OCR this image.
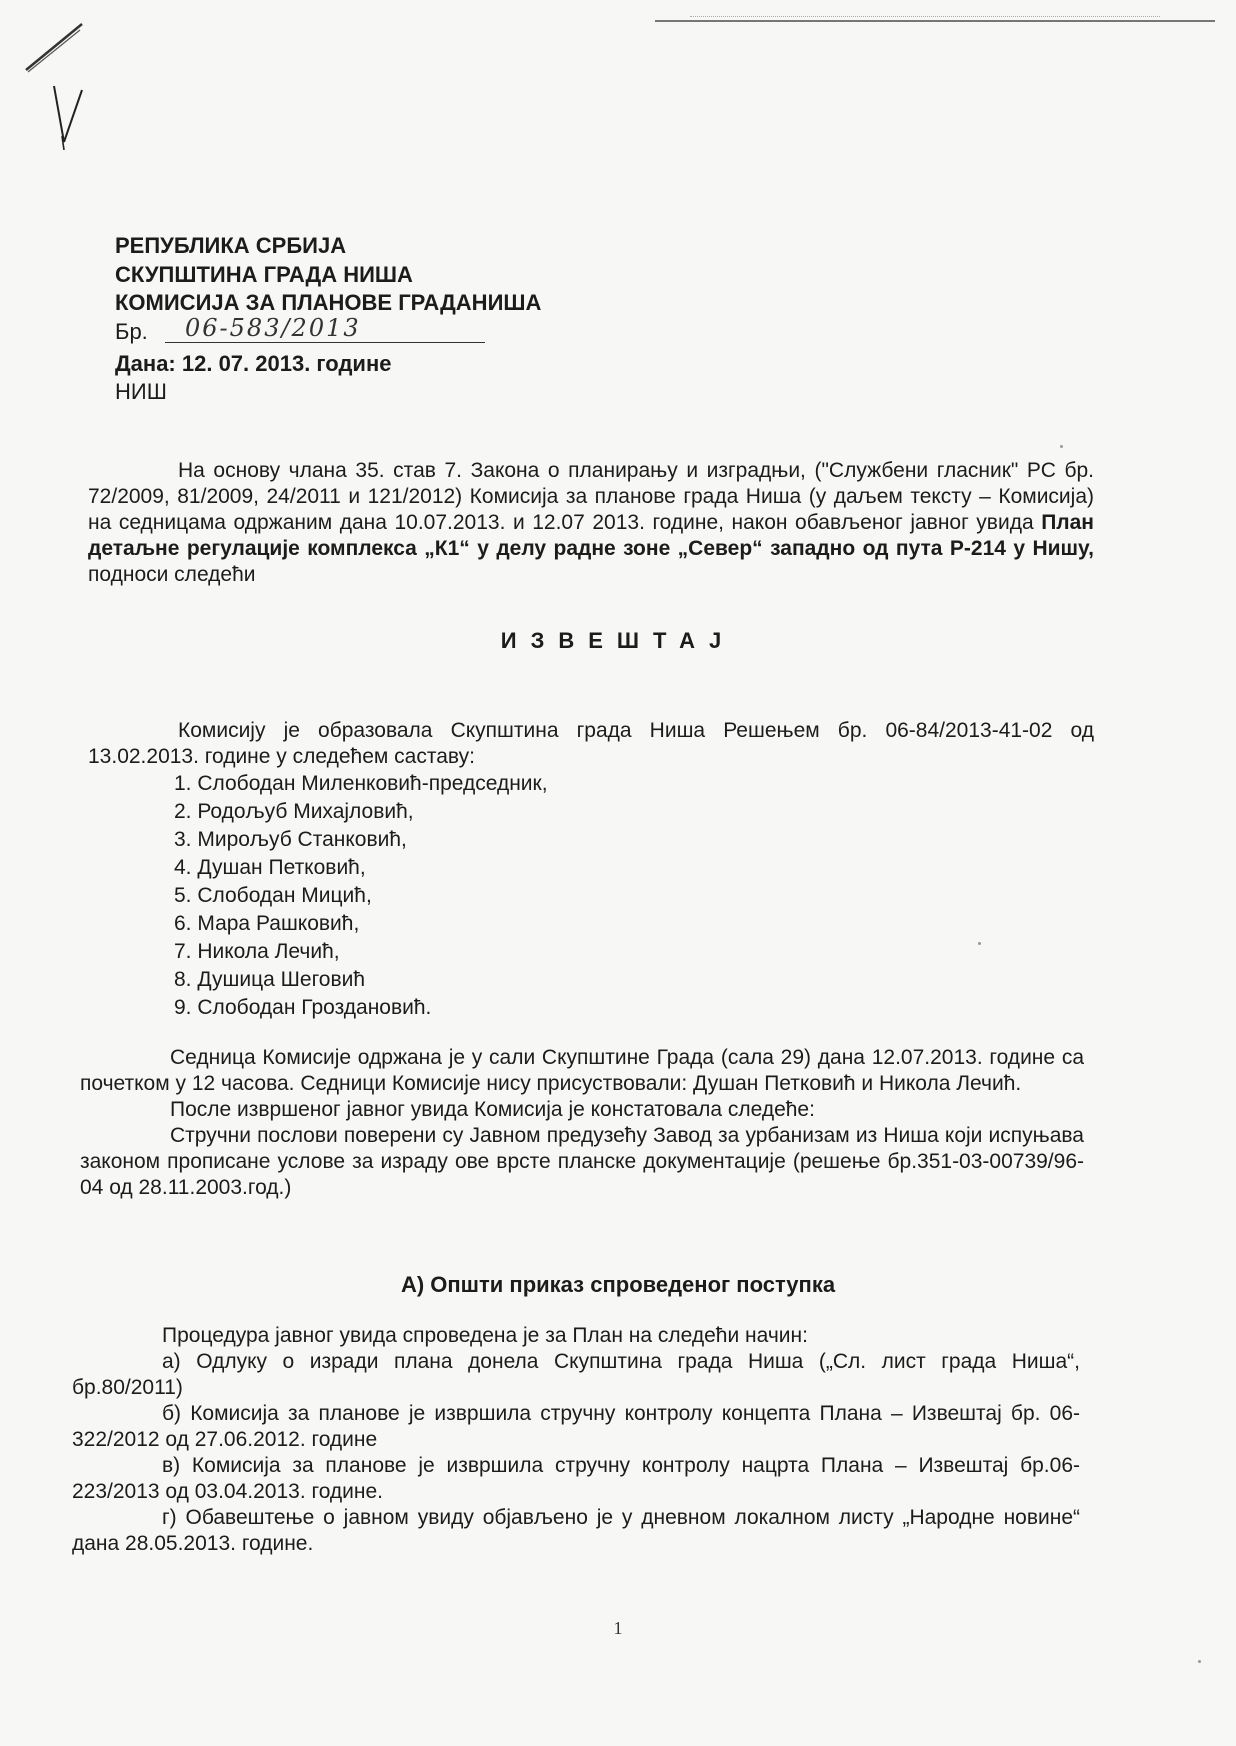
РЕПУБЛИКА СРБИЈА
СКУПШТИНА ГРАДА НИША
КОМИСИЈА ЗА ПЛАНОВЕ ГРАДАНИША
Бр.	06-583/2013
Дана: 12. 07. 2013. године
НИШ
На основу члана 35. став 7. Закона о планирању и изградњи, ("Службени гласник" РС бр. 72/2009, 81/2009, 24/2011 и 121/2012) Комисија за планове града Ниша (у даљем тексту – Комисија) на седницама одржаним дана 10.07.2013. и 12.07 2013. године, након обављеног јавног увида План детаљне регулације комплекса „К1“ у делу радне зоне „Север“ западно од пута Р-214 у Нишу, подноси следећи
ИЗВЕШТАЈ

Комисију је образовала Скупштина града Ниша Решењем бр. 06-84/2013-41-02 од 13.02.2013. године у следећем саставу:

1. Слободан Миленковић-председник,
2. Родољуб Михајловић,
3. Мирољуб Станковић,
4. Душан Петковић,
5. Слободан Мицић,
6. Мара Рашковић,
7. Никола Лечић,
8. Душица Шеговић
9. Слободан Гроздановић.

Седница Комисије одржана је у сали Скупштине Града (сала 29) дана 12.07.2013. године са почетком у 12 часова. Седници Комисије нису присуствовали: Душан Петковић и Никола Лечић.

После извршеног јавног увида Комисија је констатовала следеће:

Стручни послови поверени су Јавном предузећу Завод за урбанизам из Ниша који испуњава законом прописане услове за израду ове врсте планске документације (решење бр.351-03-00739/96-04 од 28.11.2003.год.)

А) Општи приказ спроведеног поступка

Процедура јавног увида спроведена је за План на следећи начин:

а) Одлуку о изради плана донела Скупштина града Ниша („Сл. лист града Ниша“, бр.80/2011)

б) Комисија за планове је извршила стручну контролу концепта Плана – Извештај бр. 06-322/2012 од 27.06.2012. године

в) Комисија за планове је извршила стручну контролу нацрта Плана – Извештај бр.06-223/2013 од 03.04.2013. године.

г) Обавештење о јавном увиду објављено је у дневном локалном листу „Народне новине“ дана 28.05.2013. године.

1
